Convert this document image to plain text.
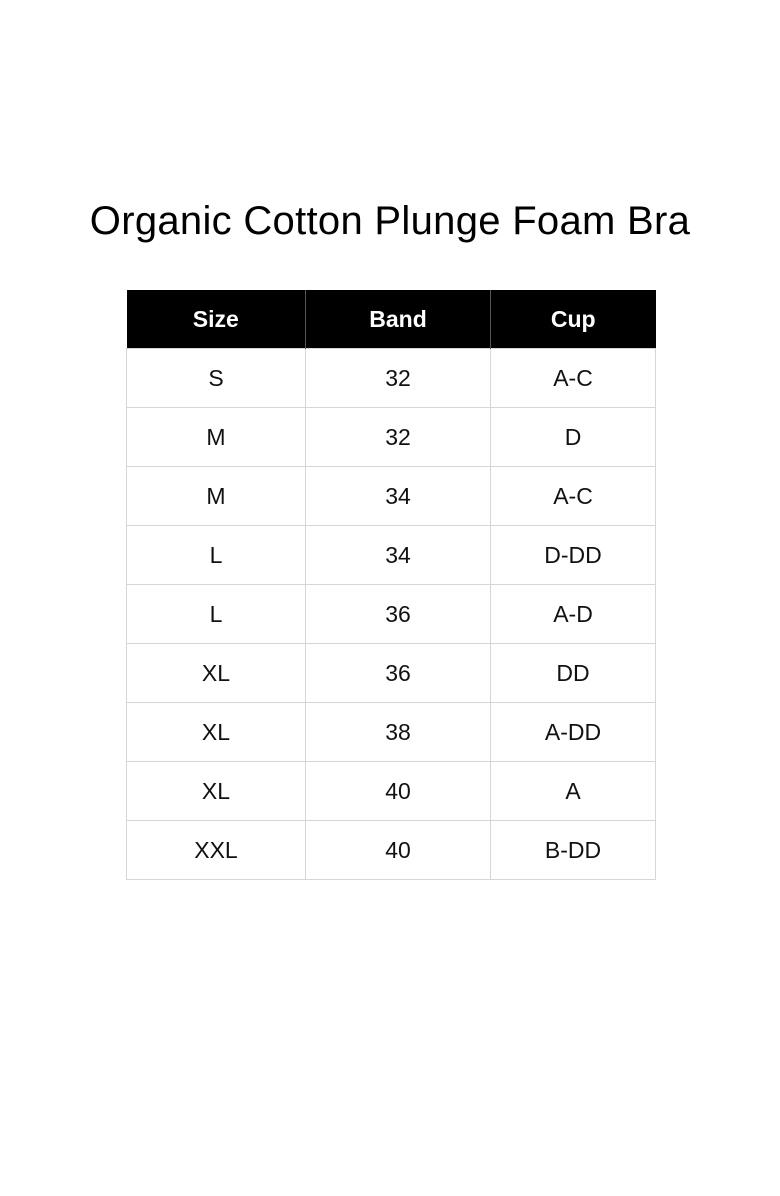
Organic Cotton Plunge Foam Bra
Size	Band	Cup
S	32	A-C
M	32	D
M	34	A-C
L	34	D-DD
L	36	A-D
XL	36	DD
XL	38	A-DD
XL	40	A
XXL	40	B-DD
